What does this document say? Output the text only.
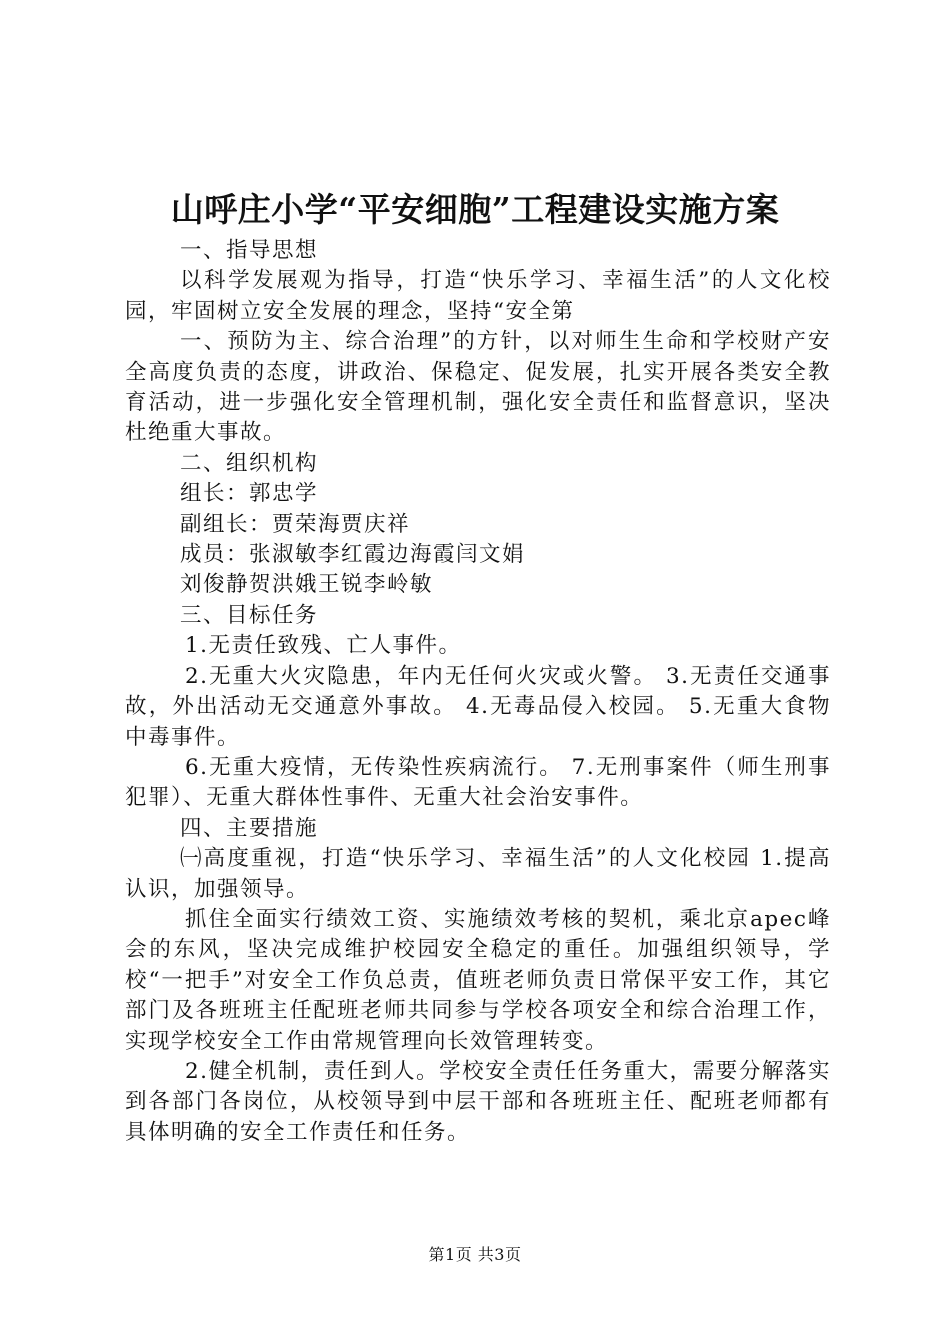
山呼庄小学“平安细胞”工程建设实施方案

一、指导思想

以科学发展观为指导，打造“快乐学习、幸福生活”的人文化校园，牢固树立安全发展的理念，坚持“安全第

一、预防为主、综合治理”的方针，以对师生生命和学校财产安全高度负责的态度，讲政治、保稳定、促发展，扎实开展各类安全教育活动，进一步强化安全管理机制，强化安全责任和监督意识，坚决杜绝重大事故。

二、组织机构

组长：郭忠学

副组长：贾荣海贾庆祥

成员：张淑敏李红霞边海霞闫文娟

刘俊静贺洪娥王锐李岭敏

三、目标任务

1.无责任致残、亡人事件。

2.无重大火灾隐患，年内无任何火灾或火警。 3.无责任交通事故，外出活动无交通意外事故。 4.无毒品侵入校园。 5.无重大食物中毒事件。

6.无重大疫情，无传染性疾病流行。 7.无刑事案件（师生刑事犯罪）、无重大群体性事件、无重大社会治安事件。

四、主要措施

㈠高度重视，打造“快乐学习、幸福生活”的人文化校园 1.提高认识，加强领导。

抓住全面实行绩效工资、实施绩效考核的契机，乘北京apec峰会的东风，坚决完成维护校园安全稳定的重任。加强组织领导，学校“一把手”对安全工作负总责，值班老师负责日常保平安工作，其它部门及各班班主任配班老师共同参与学校各项安全和综合治理工作，实现学校安全工作由常规管理向长效管理转变。

2.健全机制，责任到人。学校安全责任任务重大，需要分解落实到各部门各岗位，从校领导到中层干部和各班班主任、配班老师都有具体明确的安全工作责任和任务。

第1页 共3页
